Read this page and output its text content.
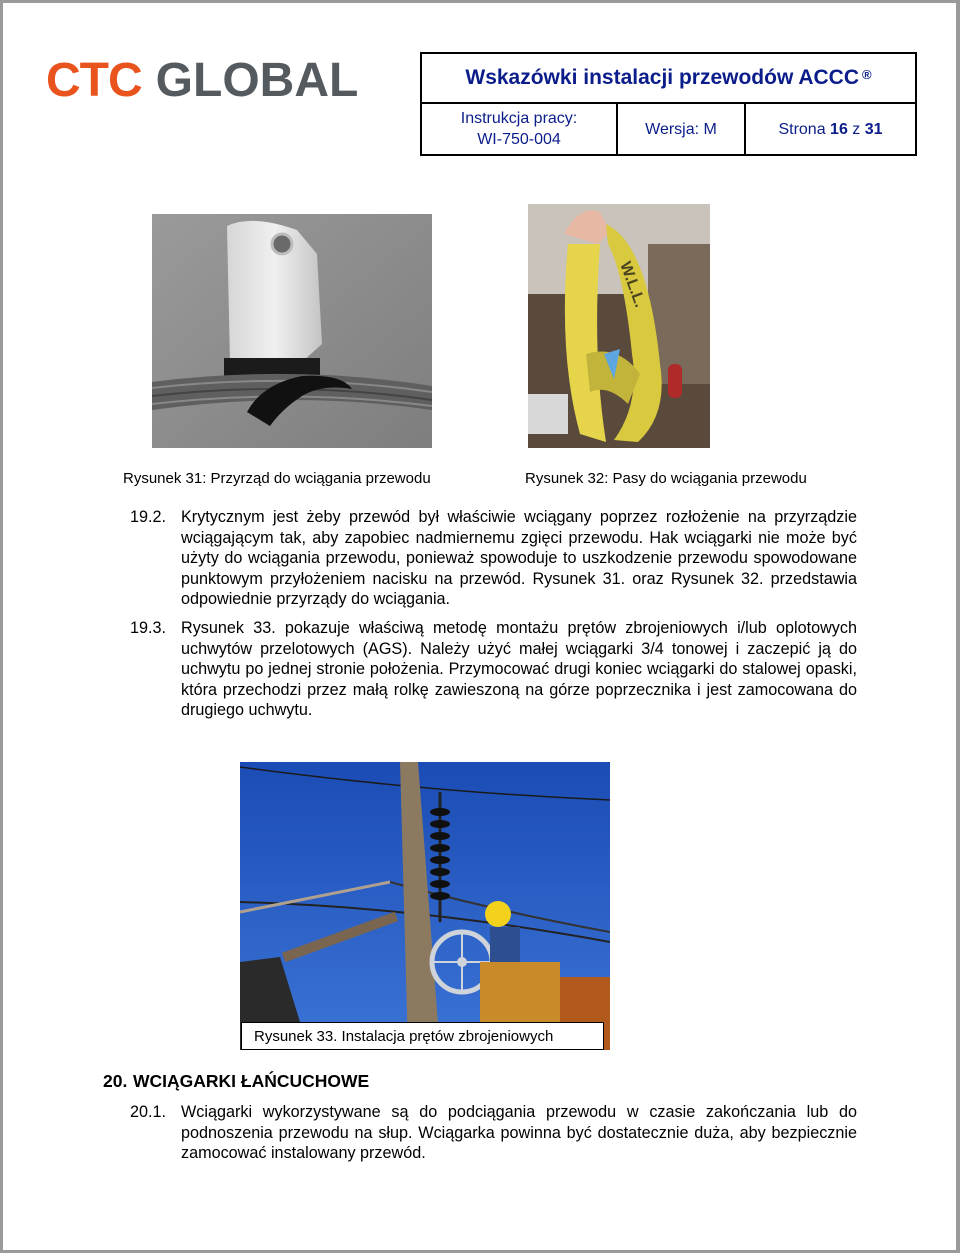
CTC GLOBAL	Wskazówki instalacji przewodów ACCC®
Instrukcja pracy:
WI-750-004
Wersja: M	Strona 16 z 31
W.L.L.
Rysunek 31: Przyrząd do wciągania przewodu	Rysunek 32: Pasy do wciągania przewodu
19.2. Krytycznym jest żeby przewód był właściwie wciągany poprzez rozłożenie na przyrządzie wciągającym tak, aby zapobiec nadmiernemu zgięci przewodu. Hak wciągarki nie może być użyty do wciągania przewodu, ponieważ spowoduje to uszkodzenie przewodu spowodowane punktowym przyłożeniem nacisku na przewód. Rysunek 31. oraz Rysunek 32. przedstawia odpowiednie przyrządy do wciągania.
19.3. Rysunek 33. pokazuje właściwą metodę montażu prętów zbrojeniowych i/lub oplotowych uchwytów przelotowych (AGS). Należy użyć małej wciągarki 3/4 tonowej i zaczepić ją do uchwytu po jednej stronie położenia. Przymocować drugi koniec wciągarki do stalowej opaski, która przechodzi przez małą rolkę zawieszoną na górze poprzecznika i jest zamocowana do drugiego uchwytu.
Rysunek 33. Instalacja prętów zbrojeniowych
20. WCIĄGARKI ŁAŃCUCHOWE
20.1. Wciągarki wykorzystywane są do podciągania przewodu w czasie zakończania lub do podnoszenia przewodu na słup. Wciągarka powinna być dostatecznie duża, aby bezpiecznie zamocować instalowany przewód.
